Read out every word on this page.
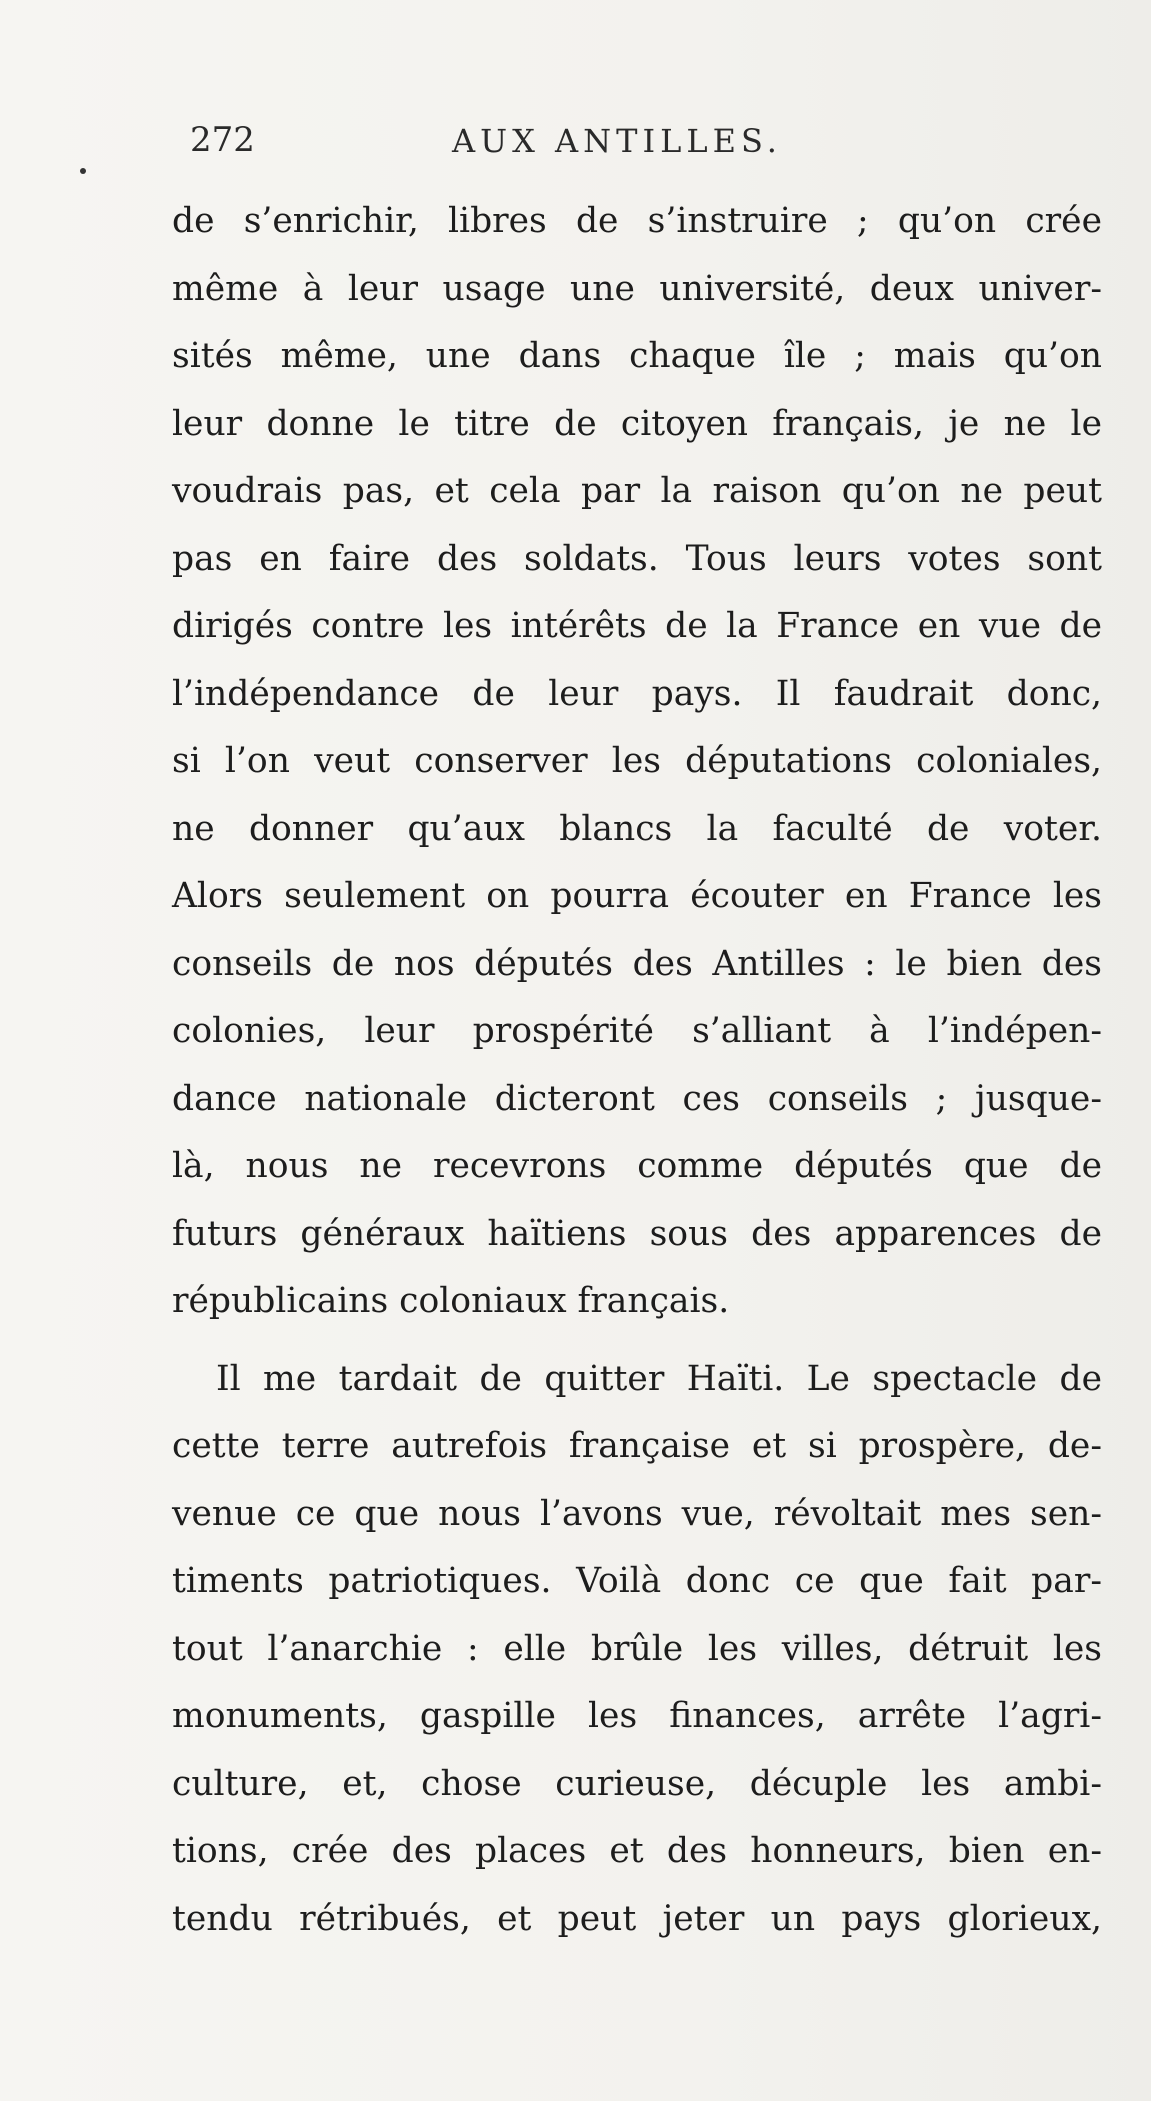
272	AUX ANTILLES.
de s’enrichir, libres de s’instruire ; qu’on crée
même à leur usage une université, deux univer-
sités même, une dans chaque île ; mais qu’on
leur donne le titre de citoyen français, je ne le
voudrais pas, et cela par la raison qu’on ne peut
pas en faire des soldats. Tous leurs votes sont
dirigés contre les intérêts de la France en vue de
l’indépendance de leur pays. Il faudrait donc,
si l’on veut conserver les députations coloniales,
ne donner qu’aux blancs la faculté de voter.
Alors seulement on pourra écouter en France les
conseils de nos députés des Antilles : le bien des
colonies, leur prospérité s’alliant à l’indépen-
dance nationale dicteront ces conseils ; jusque-
là, nous ne recevrons comme députés que de
futurs généraux haïtiens sous des apparences de
républicains coloniaux français.
Il me tardait de quitter Haïti. Le spectacle de
cette terre autrefois française et si prospère, de-
venue ce que nous l’avons vue, révoltait mes sen-
timents patriotiques. Voilà donc ce que fait par-
tout l’anarchie : elle brûle les villes, détruit les
monuments, gaspille les finances, arrête l’agri-
culture, et, chose curieuse, décuple les ambi-
tions, crée des places et des honneurs, bien en-
tendu rétribués, et peut jeter un pays glorieux,
